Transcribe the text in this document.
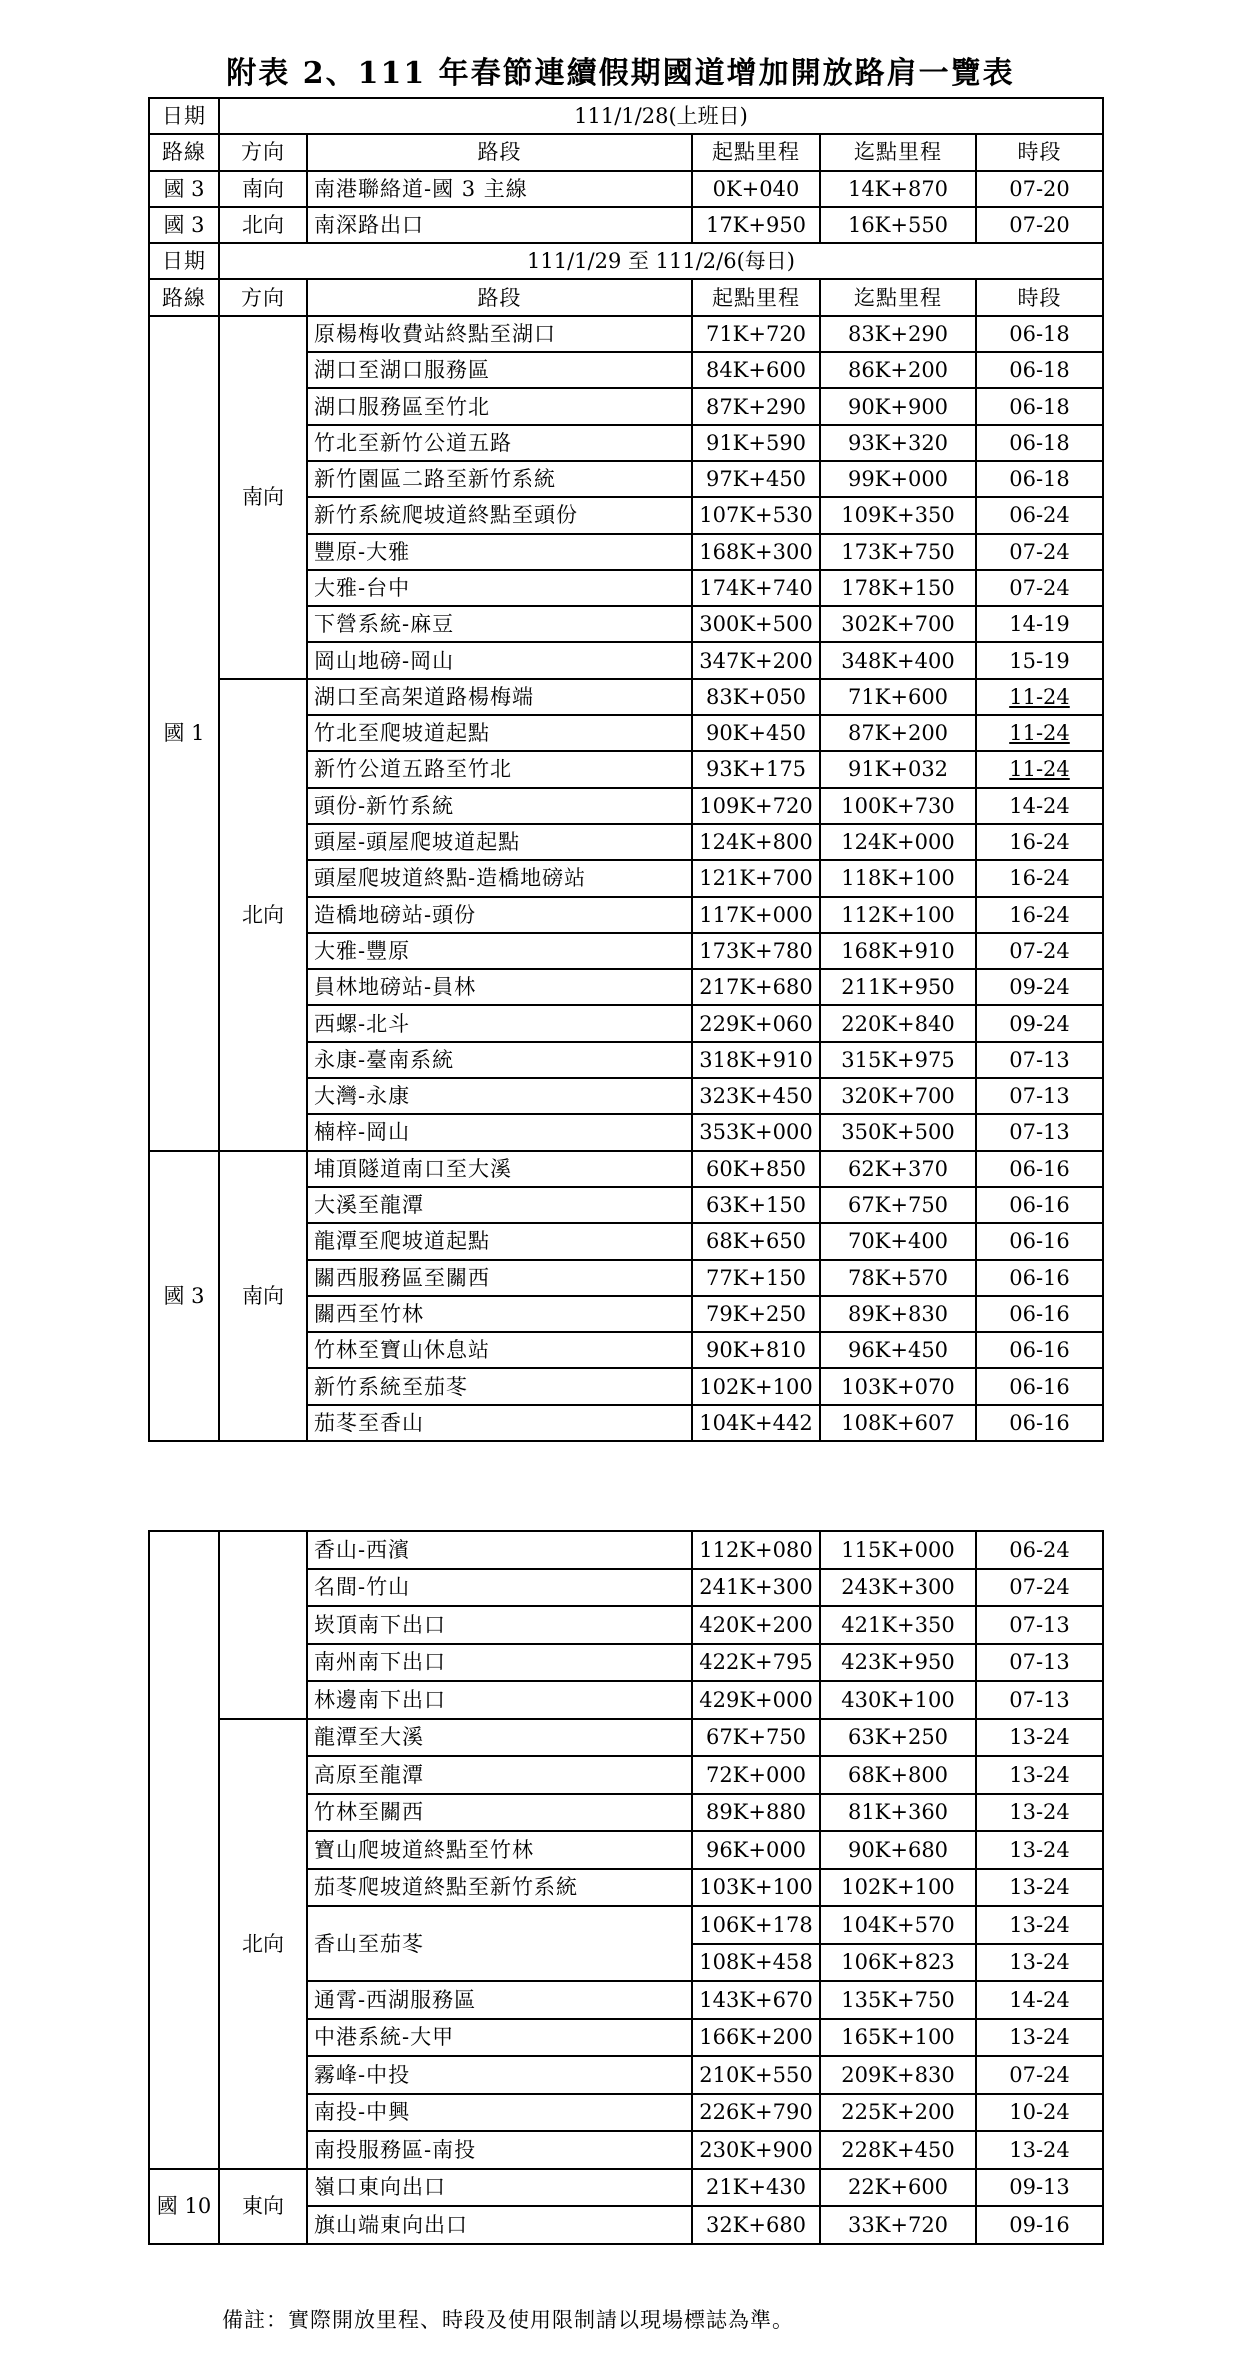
附表 2、111 年春節連續假期國道增加開放路肩一覽表
日期	111/1/28(上班日)				
路線	方向	路段	起點里程	迄點里程	時段
國 3	南向	南港聯絡道-國 3 主線	0K+040	14K+870	07-20
國 3	北向	南深路出口	17K+950	16K+550	07-20
日期	111/1/29 至 111/2/6(每日)				
路線	方向	路段	起點里程	迄點里程	時段
國 1	南向	原楊梅收費站終點至湖口	71K+720	83K+290	06-18
		湖口至湖口服務區	84K+600	86K+200	06-18
		湖口服務區至竹北	87K+290	90K+900	06-18
		竹北至新竹公道五路	91K+590	93K+320	06-18
		新竹園區二路至新竹系統	97K+450	99K+000	06-18
		新竹系統爬坡道終點至頭份	107K+530	109K+350	06-24
		豐原-大雅	168K+300	173K+750	07-24
		大雅-台中	174K+740	178K+150	07-24
		下營系統-麻豆	300K+500	302K+700	14-19
		岡山地磅-岡山	347K+200	348K+400	15-19
	北向	湖口至高架道路楊梅端	83K+050	71K+600	11-24
		竹北至爬坡道起點	90K+450	87K+200	11-24
		新竹公道五路至竹北	93K+175	91K+032	11-24
		頭份-新竹系統	109K+720	100K+730	14-24
		頭屋-頭屋爬坡道起點	124K+800	124K+000	16-24
		頭屋爬坡道終點-造橋地磅站	121K+700	118K+100	16-24
		造橋地磅站-頭份	117K+000	112K+100	16-24
		大雅-豐原	173K+780	168K+910	07-24
		員林地磅站-員林	217K+680	211K+950	09-24
		西螺-北斗	229K+060	220K+840	09-24
		永康-臺南系統	318K+910	315K+975	07-13
		大灣-永康	323K+450	320K+700	07-13
		楠梓-岡山	353K+000	350K+500	07-13
國 3	南向	埔頂隧道南口至大溪	60K+850	62K+370	06-16
		大溪至龍潭	63K+150	67K+750	06-16
		龍潭至爬坡道起點	68K+650	70K+400	06-16
		關西服務區至關西	77K+150	78K+570	06-16
		關西至竹林	79K+250	89K+830	06-16
		竹林至寶山休息站	90K+810	96K+450	06-16
		新竹系統至茄苳	102K+100	103K+070	06-16
		茄苳至香山	104K+442	108K+607	06-16
		香山-西濱	112K+080	115K+000	06-24
		名間-竹山	241K+300	243K+300	07-24
		崁頂南下出口	420K+200	421K+350	07-13
		南州南下出口	422K+795	423K+950	07-13
		林邊南下出口	429K+000	430K+100	07-13
	北向	龍潭至大溪	67K+750	63K+250	13-24
		高原至龍潭	72K+000	68K+800	13-24
		竹林至關西	89K+880	81K+360	13-24
		寶山爬坡道終點至竹林	96K+000	90K+680	13-24
		茄苳爬坡道終點至新竹系統	103K+100	102K+100	13-24
		香山至茄苳	106K+178	104K+570	13-24
			108K+458	106K+823	13-24
		通霄-西湖服務區	143K+670	135K+750	14-24
		中港系統-大甲	166K+200	165K+100	13-24
		霧峰-中投	210K+550	209K+830	07-24
		南投-中興	226K+790	225K+200	10-24
		南投服務區-南投	230K+900	228K+450	13-24
國 10	東向	嶺口東向出口	21K+430	22K+600	09-13
		旗山端東向出口	32K+680	33K+720	09-16
備註：實際開放里程、時段及使用限制請以現場標誌為準。
